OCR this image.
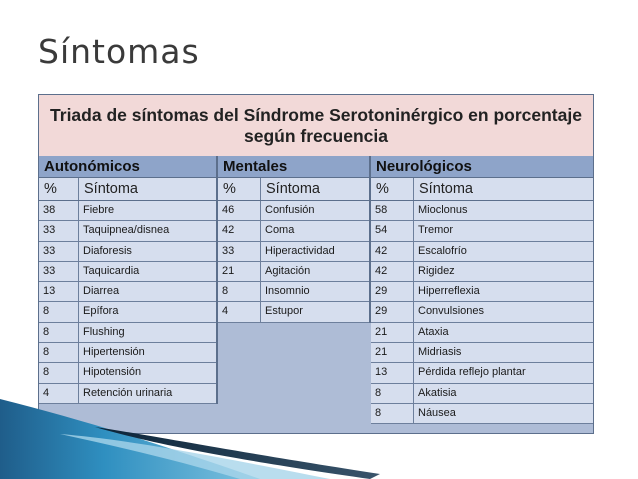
Síntomas
Triada de síntomas del Síndrome Serotoninérgico en porcentaje
según frecuencia
Autonómicos
%	Síntoma
38	Fiebre
33	Taquipnea/disnea
33	Diaforesis
33	Taquicardia
13	Diarrea
8	Epífora
8	Flushing
8	Hipertensión
8	Hipotensión
4	Retención urinaria
Mentales
%	Síntoma
46	Confusión
42	Coma
33	Hiperactividad
21	Agitación
8	Insomnio
4	Estupor
Neurológicos
%	Síntoma
58	Mioclonus
54	Tremor
42	Escalofrío
42	Rigidez
29	Hiperreflexia
29	Convulsiones
21	Ataxia
21	Midriasis
13	Pérdida reflejo plantar
8	Akatisia
8	Náusea
